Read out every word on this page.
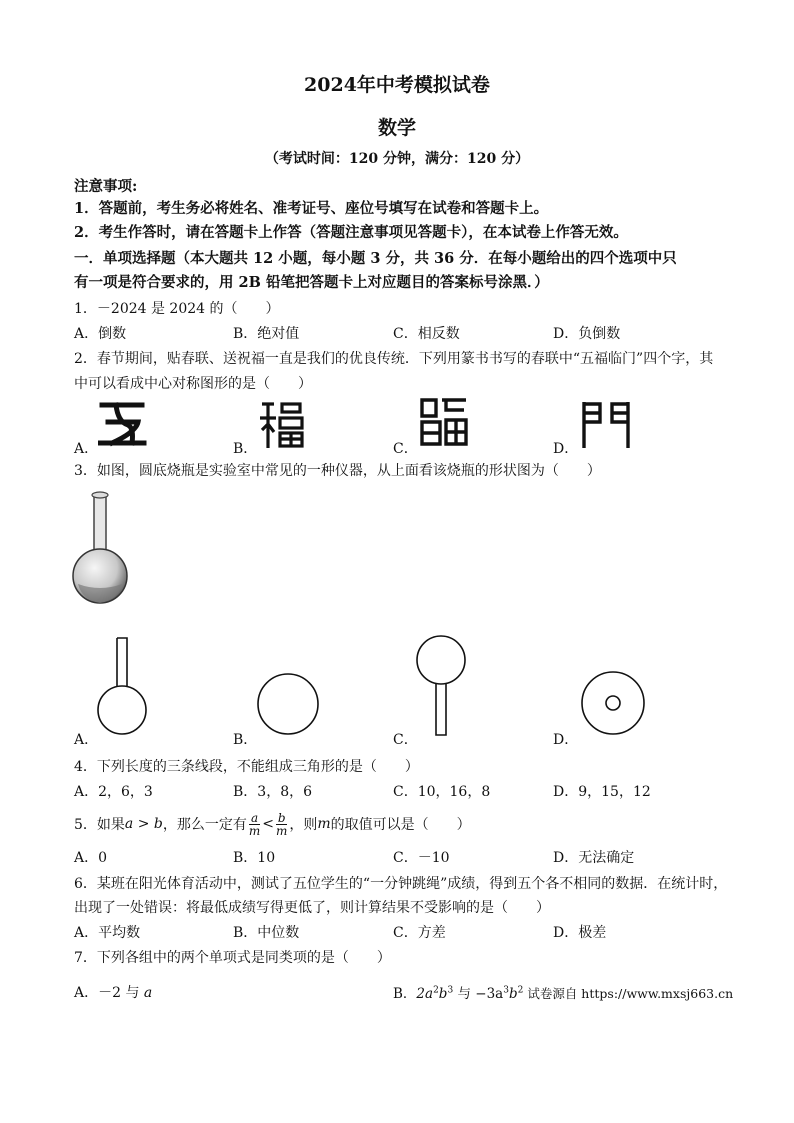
2024年中考模拟试卷
数学
（考试时间：120 分钟，满分：120 分）
注意事项:
1．答题前，考生务必将姓名、准考证号、座位号填写在试卷和答题卡上。
2．考生作答时，请在答题卡上作答（答题注意事项见答题卡），在本试卷上作答无效。
一．单项选择题（本大题共 12 小题，每小题 3 分，共 36 分．在每小题给出的四个选项中只
有一项是符合要求的，用 2B 铅笔把答题卡上对应题目的答案标号涂黑．）
1．－2024 是 2024 的（　　）
A．倒数	B．绝对值	C．相反数	D．负倒数
2．春节期间，贴春联、送祝福一直是我们的优良传统．下列用篆书书写的春联中“五福临门”四个字，其
中可以看成中心对称图形的是（　　）
A．	B．	C．	D．
3．如图，圆底烧瓶是实验室中常见的一种仪器，从上面看该烧瓶的形状图为（　　）
A．	B．	C．	D．
4．下列长度的三条线段，不能组成三角形的是（　　）
A．2，6，3	B．3，8，6	C．10，16，8	D．9，15，12
5．如果 a > b ，那么一定有 $\frac{a}{m} < \frac{b}{m}$ ，则 m 的取值可以是（　　）
A．0	B．10	C．－10	D．无法确定
6．某班在阳光体育活动中，测试了五位学生的“一分钟跳绳”成绩，得到五个各不相同的数据．在统计时，
出现了一处错误：将最低成绩写得更低了，则计算结果不受影响的是（　　）
A．平均数	B．中位数	C．方差	D．极差
7．下列各组中的两个单项式是同类项的是（　　）
A．－2 与 a	B．$2a^2b^3$ 与 $-3a^3b^2$ 试卷源自 https://www.mxsj663.cn
